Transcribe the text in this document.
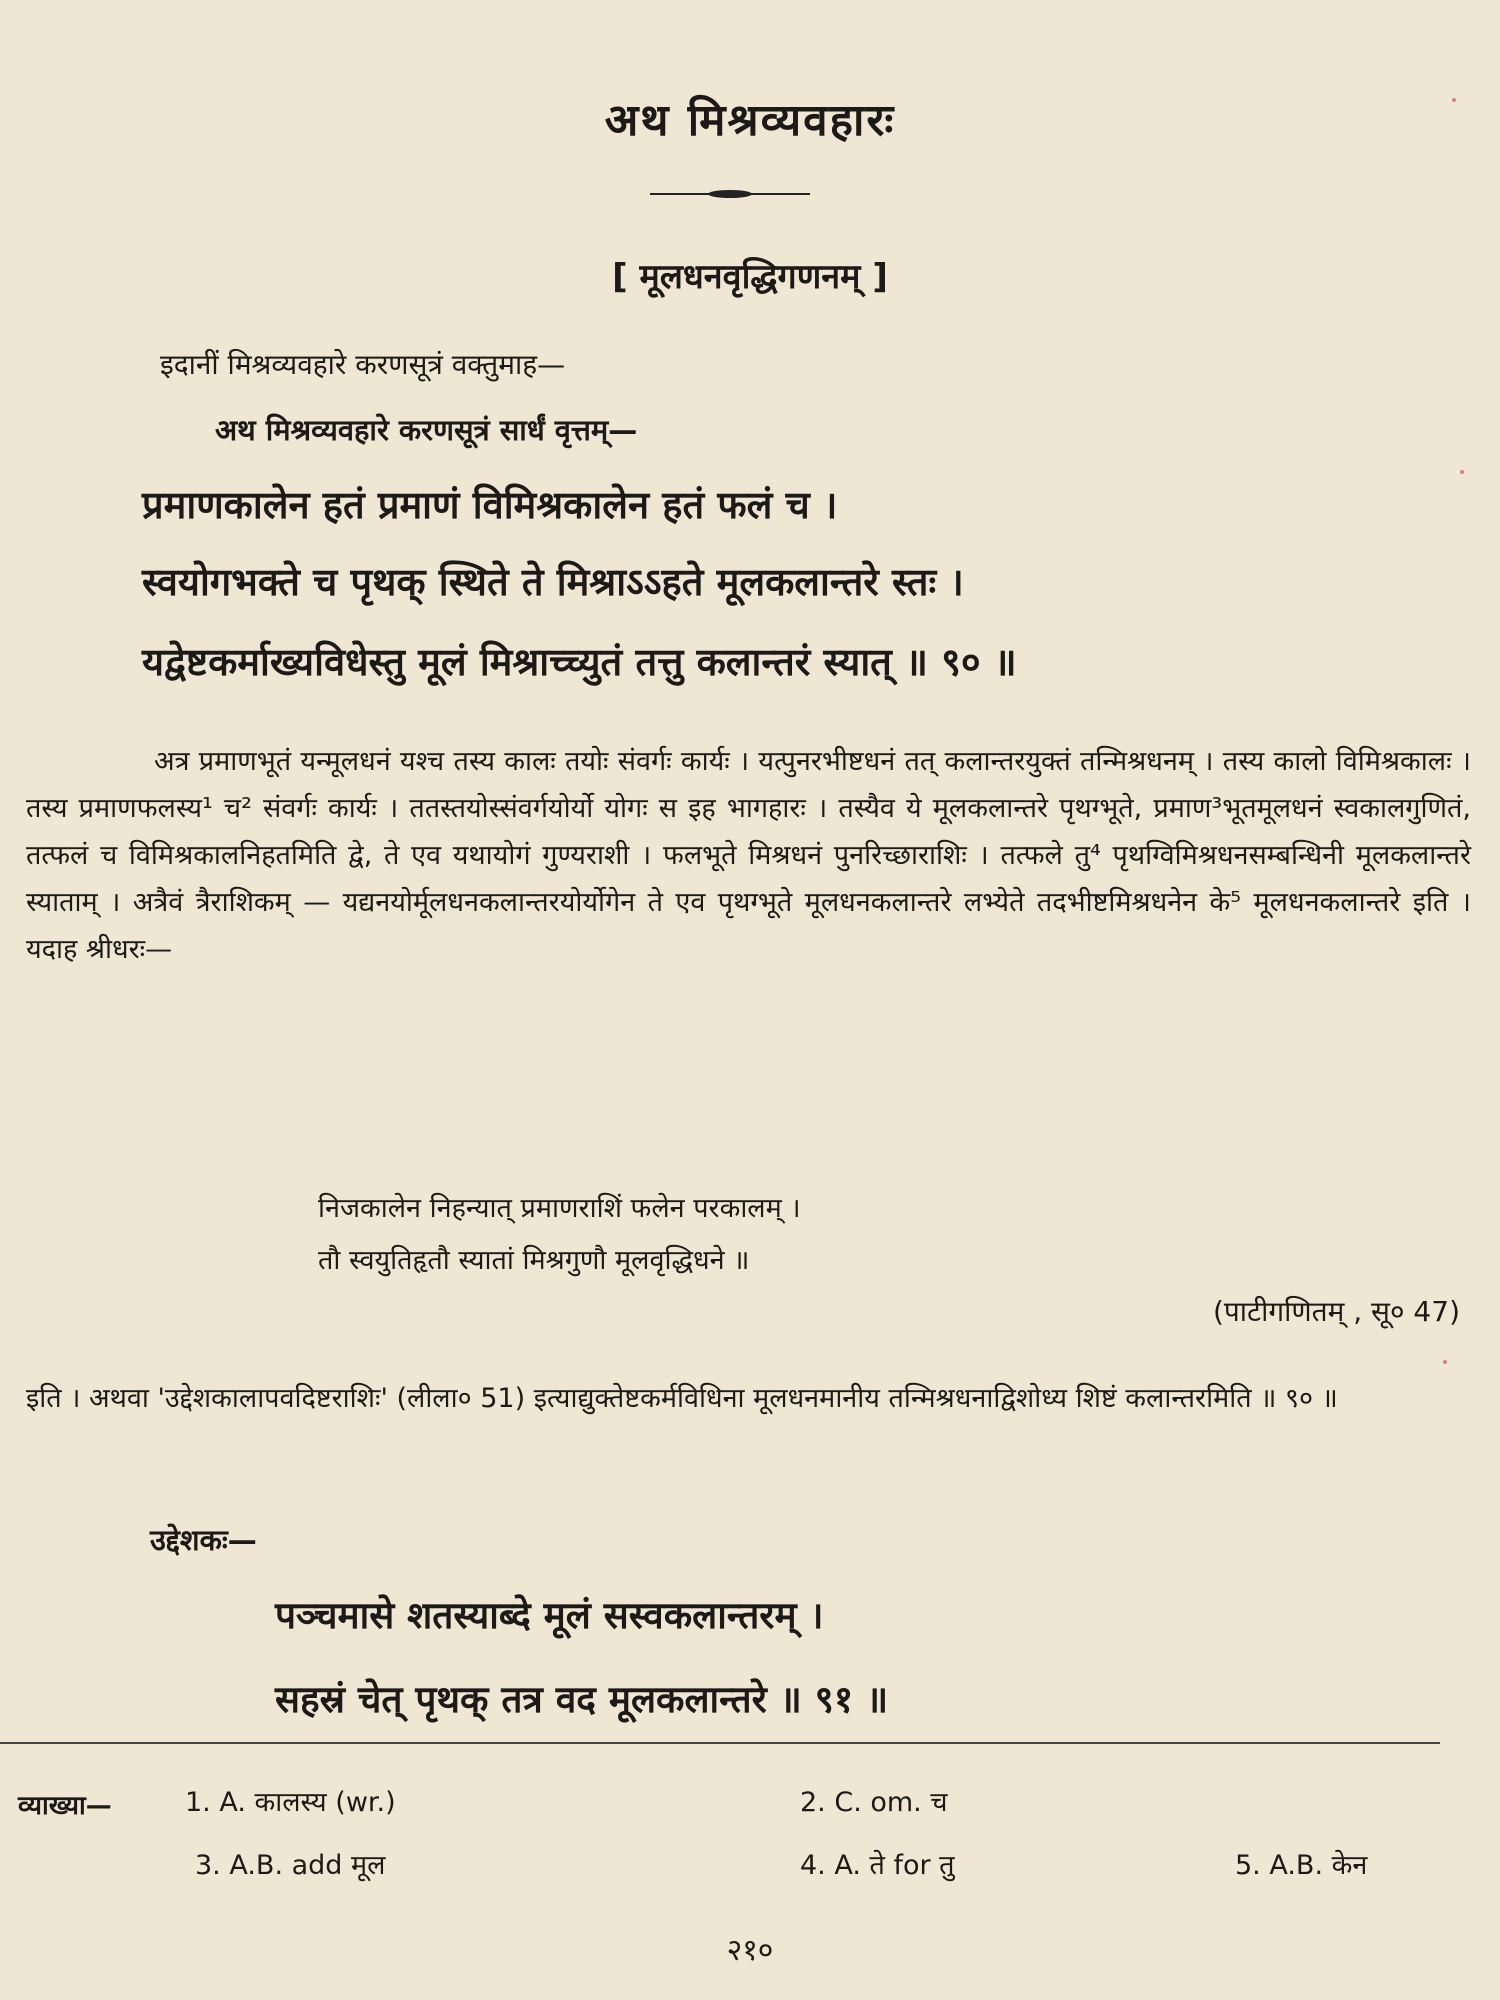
अथ मिश्रव्यवहारः
[ मूलधनवृद्धिगणनम् ]
इदानीं मिश्रव्यवहारे करणसूत्रं वक्तुमाह—
अथ मिश्रव्यवहारे करणसूत्रं सार्धं वृत्तम्—
प्रमाणकालेन हतं प्रमाणं विमिश्रकालेन हतं फलं च ।
स्वयोगभक्ते च पृथक् स्थिते ते मिश्राऽऽहते मूलकलान्तरे स्तः ।
यद्वेष्टकर्माख्यविधेस्तु मूलं मिश्राच्च्युतं तत्तु कलान्तरं स्यात् ॥ ९० ॥
अत्र प्रमाणभूतं यन्मूलधनं यश्च तस्य कालः तयोः संवर्गः कार्यः । यत्पुनरभीष्टधनं तत् कलान्तरयुक्तं तन्मिश्रधनम् । तस्य कालो विमिश्रकालः । तस्य प्रमाणफलस्य¹ च² संवर्गः कार्यः । ततस्तयोस्संवर्गयोर्यो योगः स इह भागहारः । तस्यैव ये मूलकलान्तरे पृथग्भूते, प्रमाण³भूतमूलधनं स्वकालगुणितं, तत्फलं च विमिश्रकालनिहतमिति द्वे, ते एव यथायोगं गुण्यराशी । फलभूते मिश्रधनं पुनरिच्छाराशिः । तत्फले तु⁴ पृथग्विमिश्रधनसम्बन्धिनी मूलकलान्तरे स्याताम् । अत्रैवं त्रैराशिकम् — यद्यनयोर्मूलधनकलान्तरयोर्योगेन ते एव पृथग्भूते मूलधनकलान्तरे लभ्येते तदभीष्टमिश्रधनेन के⁵ मूलधनकलान्तरे इति । यदाह श्रीधरः—
निजकालेन निहन्यात् प्रमाणराशिं फलेन परकालम् ।
तौ स्वयुतिहृतौ स्यातां मिश्रगुणौ मूलवृद्धिधने ॥
(पाटीगणितम् , सू० 47)
इति । अथवा 'उद्देशकालापवदिष्टराशिः' (लीला० 51) इत्याद्युक्तेष्टकर्मविधिना मूलधनमानीय तन्मिश्रधनाद्विशोध्य शिष्टं कलान्तरमिति ॥ ९० ॥
उद्देशकः—
पञ्चमासे शतस्याब्दे मूलं सस्वकलान्तरम् ।
सहस्रं चेत् पृथक् तत्र वद मूलकलान्तरे ॥ ९१ ॥
व्याख्या—	1. A. कालस्य (wr.)	2. C. om. च
3. A.B. add मूल	4. A. ते for तु	5. A.B. केन
२१०
